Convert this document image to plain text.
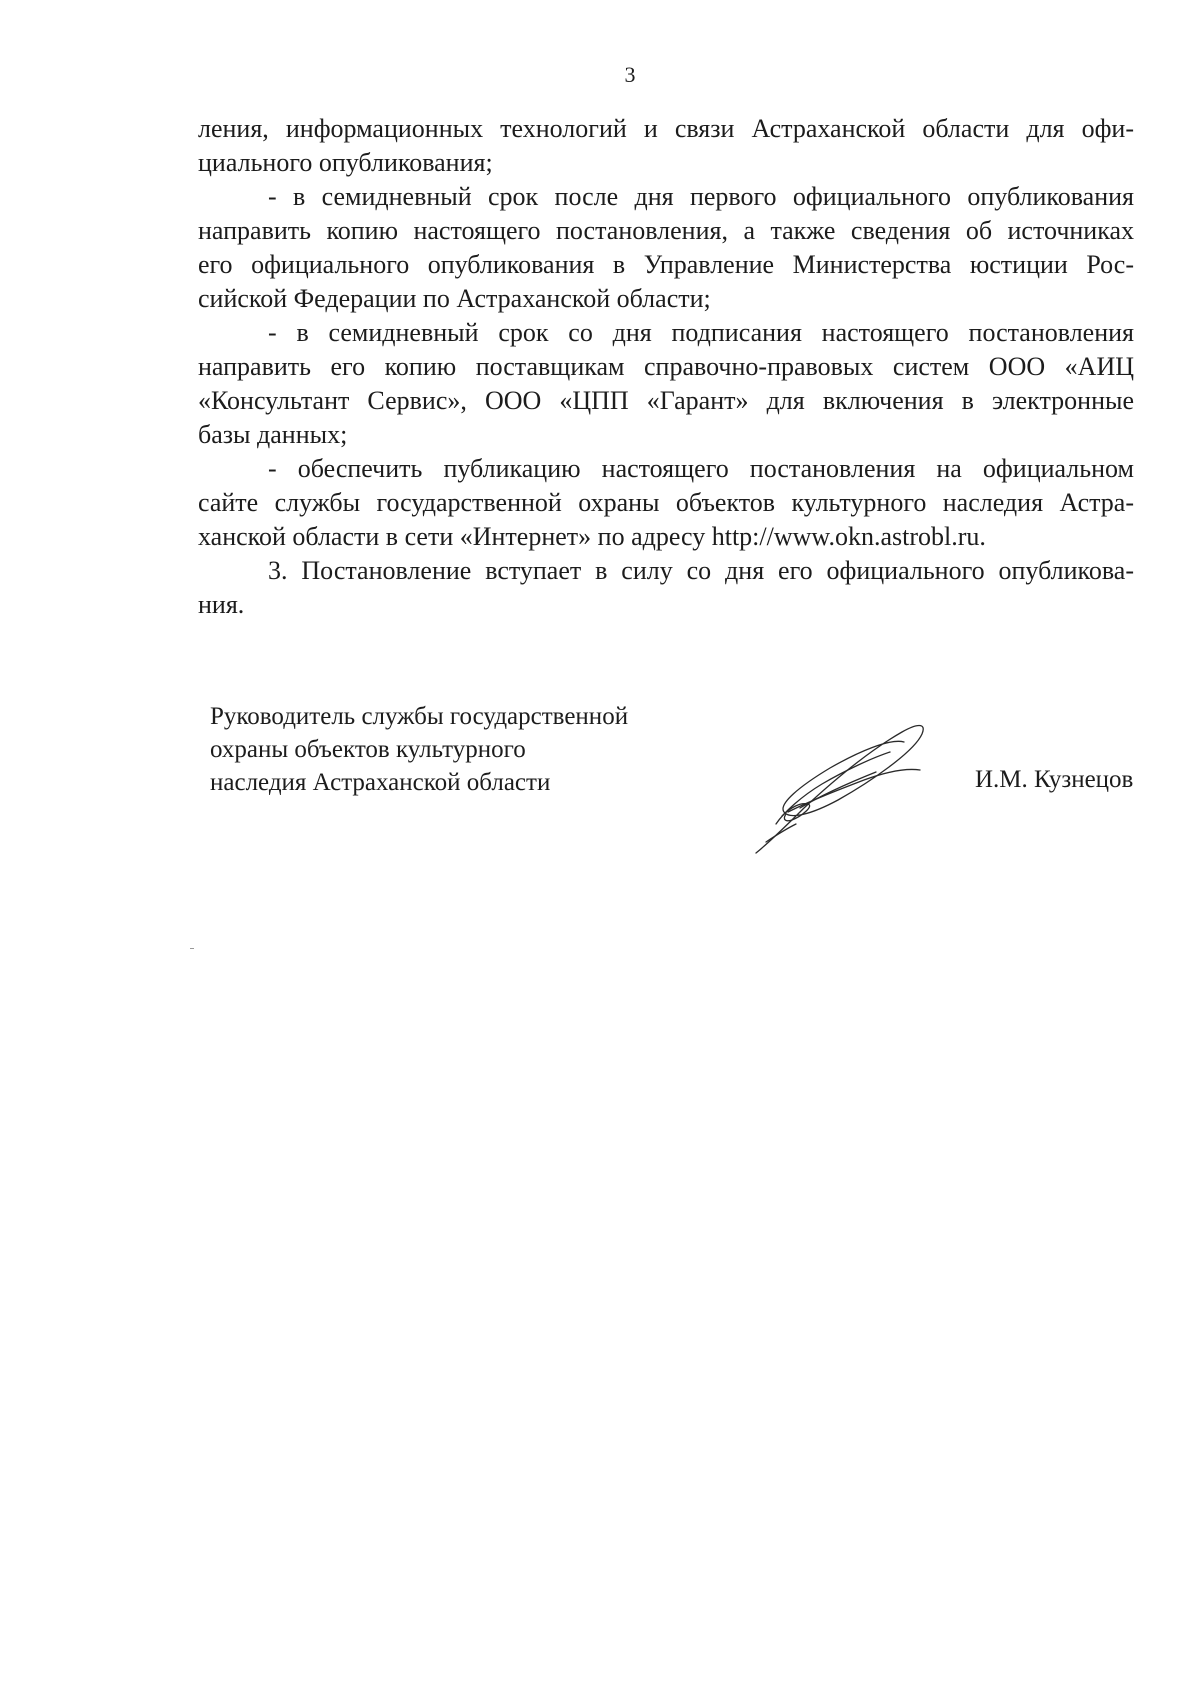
3
ления, информационных технологий и связи Астраханской области для офи-
циального опубликования;
- в семидневный срок после дня первого официального опубликования
направить копию настоящего постановления, а также сведения об источниках
его официального опубликования в Управление Министерства юстиции Рос-
сийской Федерации по Астраханской области;
- в семидневный срок со дня подписания настоящего постановления
направить его копию поставщикам справочно-правовых систем ООО «АИЦ
«Консультант Сервис», ООО «ЦПП «Гарант» для включения в электронные
базы данных;
- обеспечить публикацию настоящего постановления на официальном
сайте службы государственной охраны объектов культурного наследия Астра-
ханской области в сети «Интернет» по адресу http://www.okn.astrobl.ru.
3. Постановление вступает в силу со дня его официального опубликова-
ния.
Руководитель службы государственной
охраны объектов культурного
наследия Астраханской области	И.М. Кузнецов
